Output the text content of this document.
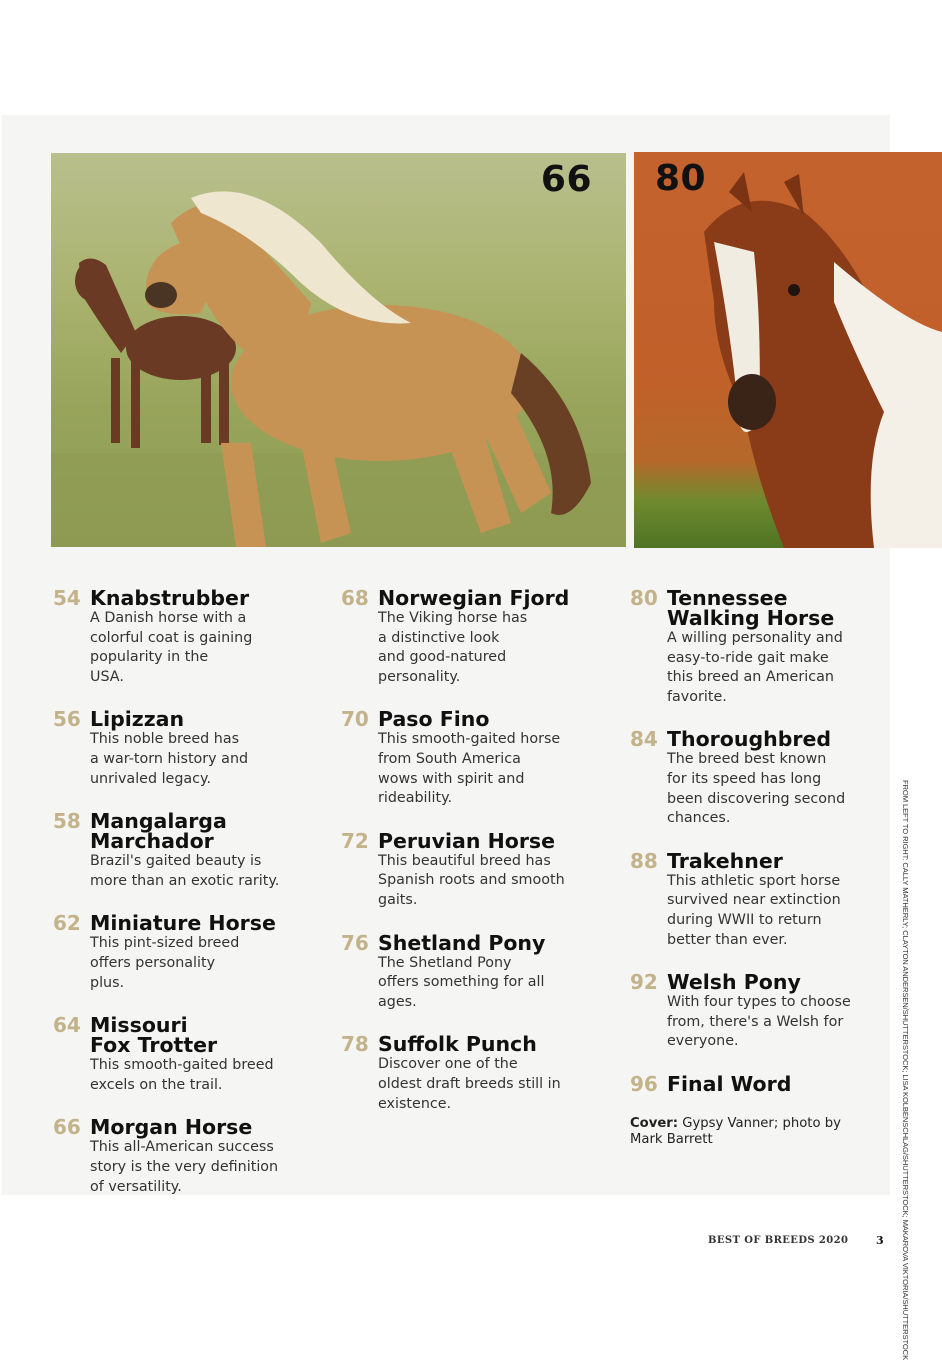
66 80
54 Knabstrubber
A Danish horse with a
colorful coat is gaining
popularity in the
USA.
56 Lipizzan
This noble breed has
a war-torn history and
unrivaled legacy.
58 Mangalarga
Marchador
Brazil's gaited beauty is
more than an exotic rarity.
62 Miniature Horse
This pint-sized breed
offers personality
plus.
64 Missouri
Fox Trotter
This smooth-gaited breed
excels on the trail.
66 Morgan Horse
This all-American success
story is the very definition
of versatility.
68 Norwegian Fjord
The Viking horse has
a distinctive look
and good-natured
personality.
70 Paso Fino
This smooth-gaited horse
from South America
wows with spirit and
rideability.
72 Peruvian Horse
This beautiful breed has
Spanish roots and smooth
gaits.
76 Shetland Pony
The Shetland Pony
offers something for all
ages.
78 Suffolk Punch
Discover one of the
oldest draft breeds still in
existence.
80 Tennessee
Walking Horse
A willing personality and
easy-to-ride gait make
this breed an American
favorite.
84 Thoroughbred
The breed best known
for its speed has long
been discovering second
chances.
88 Trakehner
This athletic sport horse
survived near extinction
during WWII to return
better than ever.
92 Welsh Pony
With four types to choose
from, there's a Welsh for
everyone.
96 Final Word
Cover: Gypsy Vanner; photo by Mark Barrett	FROM LEFT TO RIGHT: CALLY MATHERLY; CLAYTON ANDERSEN/SHUTTERSTOCK; LISA KOLBENSCHLAG/SHUTTERSTOCK; MAKAROVA VIKTORIA/SHUTTERSTOCK
BEST OF BREEDS 2020	3
